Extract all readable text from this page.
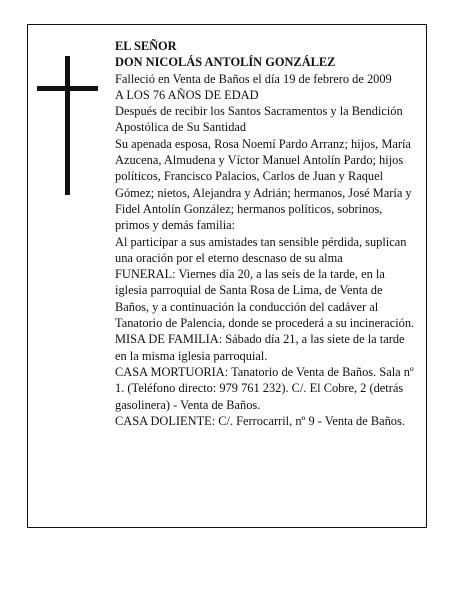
EL SEÑOR

DON NICOLÁS ANTOLÍN GONZÁLEZ

Falleció en Venta de Baños el día 19 de febrero de 2009

A LOS 76 AÑOS DE EDAD

Después de recibir los Santos Sacramentos y la Bendición Apostólica de Su Santidad

Su apenada esposa, Rosa Noemí Pardo Arranz; hijos, María Azucena, Almudena y Víctor Manuel Antolín Pardo; hijos políticos, Francisco Palacios, Carlos de Juan y Raquel Gómez; nietos, Alejandra y Adrián; hermanos, José María y Fidel Antolín González; hermanos políticos, sobrinos, primos y demás familia:

Al participar a sus amistades tan sensible pérdida, suplican una oración por el eterno descnaso de su alma

FUNERAL: Viernes día 20, a las seis de la tarde, en la iglesia parroquial de Santa Rosa de Lima, de Venta de Baños, y a continuación la conducción del cadáver al Tanatorio de Palencia, donde se procederá a su incineración.

MISA DE FAMILIA: Sábado día 21, a las siete de la tarde en la misma iglesia parroquial.

CASA MORTUORIA: Tanatorio de Venta de Baños. Sala nº 1. (Teléfono directo: 979 761 232). C/. El Cobre, 2 (detrás gasolinera) - Venta de Baños.

CASA DOLIENTE: C/. Ferrocarril, nº 9 - Venta de Baños.
